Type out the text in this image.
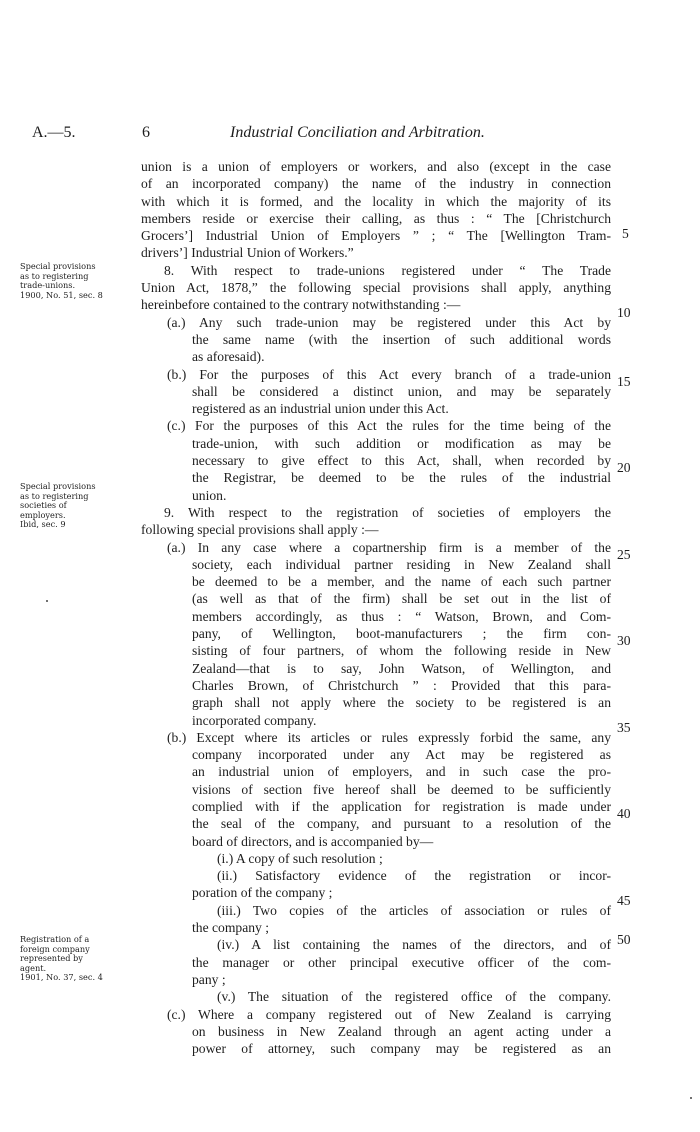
A.—5.	6	Industrial Conciliation and Arbitration.
Special provisions
as to registering
trade-unions.
1900, No. 51, sec. 8
Special provisions
as to registering
societies of
employers.
Ibid, sec. 9
Registration of a
foreign company
represented by
agent.
1901, No. 37, sec. 4
5
10
15
20
25
30
35
40
45
50
union is a union of employers or workers, and also (except in the case
of an incorporated company) the name of the industry in connection
with which it is formed, and the locality in which the majority of its
members reside or exercise their calling, as thus : “ The [Christchurch
Grocers’] Industrial Union of Employers ” ; “ The [Wellington Tram-
drivers’] Industrial Union of Workers.”
8. With respect to trade-unions registered under “ The Trade
Union Act, 1878,” the following special provisions shall apply, anything
hereinbefore contained to the contrary notwithstanding :—
(a.) Any such trade-union may be registered under this Act by
the same name (with the insertion of such additional words
as aforesaid).
(b.) For the purposes of this Act every branch of a trade-union
shall be considered a distinct union, and may be separately
registered as an industrial union under this Act.
(c.) For the purposes of this Act the rules for the time being of the
trade-union, with such addition or modification as may be
necessary to give effect to this Act, shall, when recorded by
the Registrar, be deemed to be the rules of the industrial
union.
9. With respect to the registration of societies of employers the
following special provisions shall apply :—
(a.) In any case where a copartnership firm is a member of the
society, each individual partner residing in New Zealand shall
be deemed to be a member, and the name of each such partner
(as well as that of the firm) shall be set out in the list of
members accordingly, as thus : “ Watson, Brown, and Com-
pany, of Wellington, boot-manufacturers ; the firm con-
sisting of four partners, of whom the following reside in New
Zealand—that is to say, John Watson, of Wellington, and
Charles Brown, of Christchurch ” : Provided that this para-
graph shall not apply where the society to be registered is an
incorporated company.
(b.) Except where its articles or rules expressly forbid the same, any
company incorporated under any Act may be registered as
an industrial union of employers, and in such case the pro-
visions of section five hereof shall be deemed to be sufficiently
complied with if the application for registration is made under
the seal of the company, and pursuant to a resolution of the
board of directors, and is accompanied by—
(i.) A copy of such resolution ;
(ii.) Satisfactory evidence of the registration or incor-
poration of the company ;
(iii.) Two copies of the articles of association or rules of
the company ;
(iv.) A list containing the names of the directors, and of
the manager or other principal executive officer of the com-
pany ;
(v.) The situation of the registered office of the company.
(c.) Where a company registered out of New Zealand is carrying
on business in New Zealand through an agent acting under a
power of attorney, such company may be registered as an
